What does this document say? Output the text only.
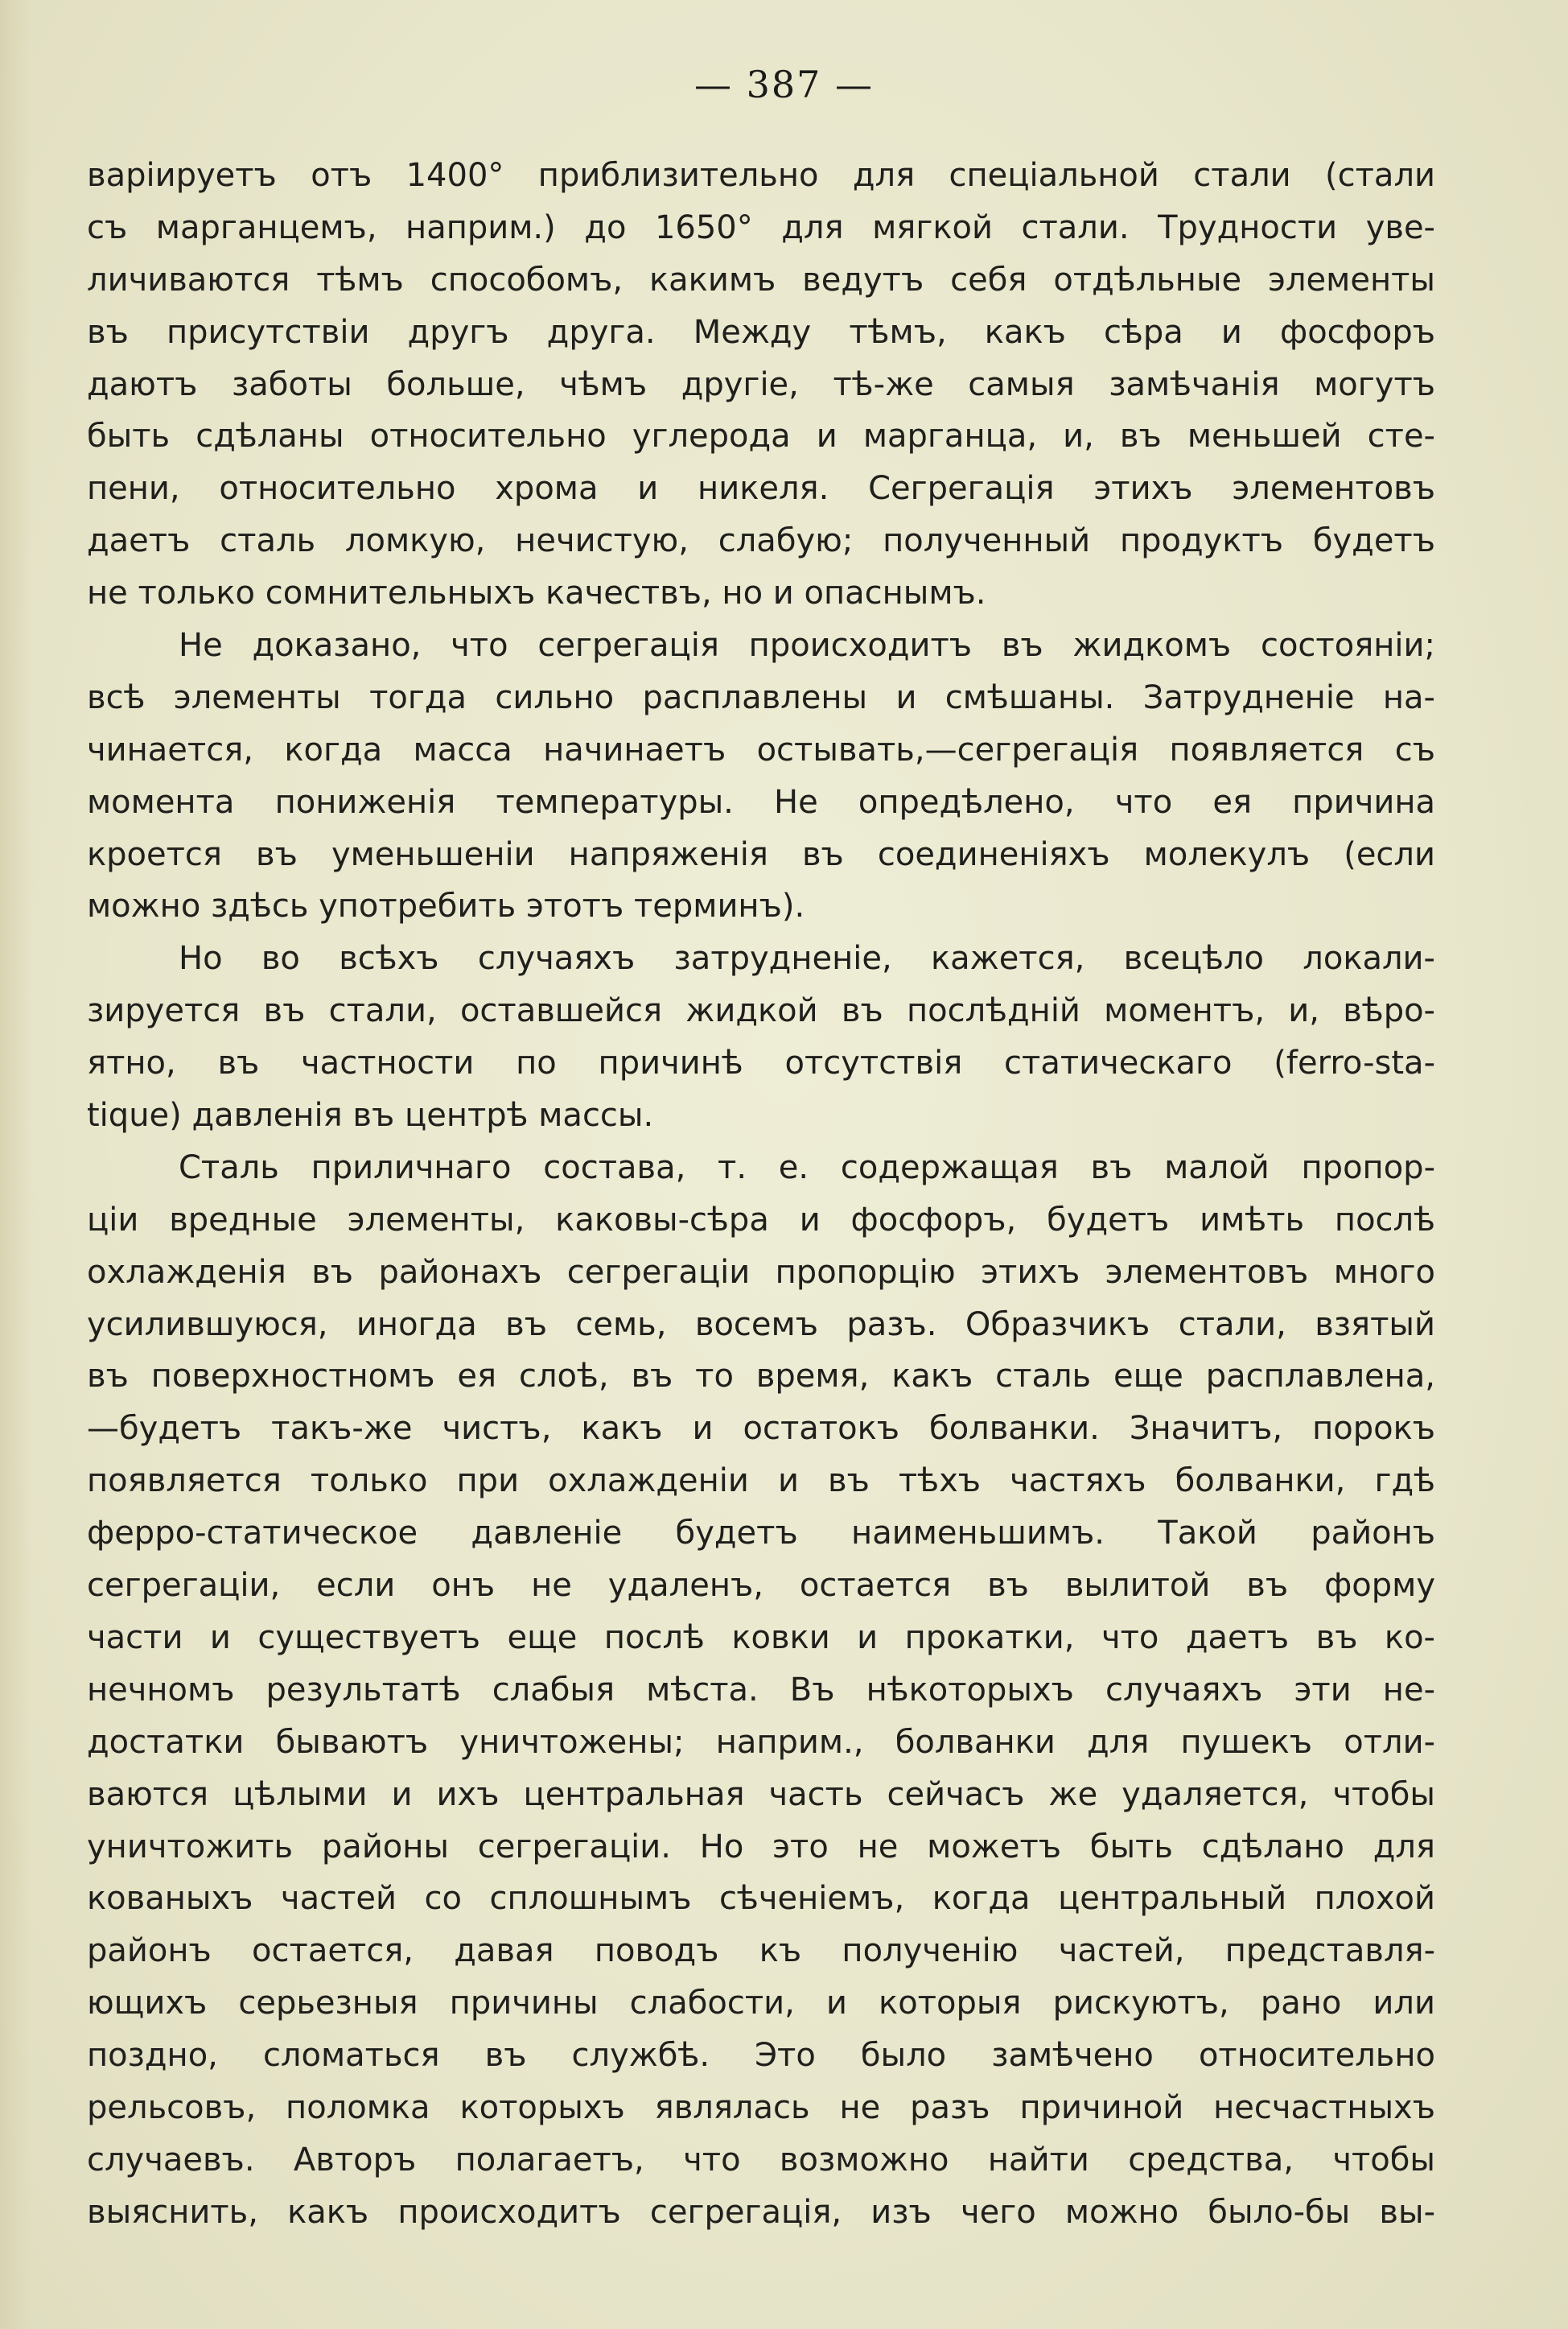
— 387 —
варіируетъ отъ 1400° приблизительно для спеціальной стали (стали
съ марганцемъ, наприм.) до 1650° для мягкой стали. Трудности уве-
личиваются тѣмъ способомъ, какимъ ведутъ себя отдѣльные элементы
въ присутствіи другъ друга. Между тѣмъ, какъ сѣра и фосфоръ
даютъ заботы больше, чѣмъ другіе, тѣ-же самыя замѣчанія могутъ
быть сдѣланы относительно углерода и марганца, и, въ меньшей сте-
пени, относительно хрома и никеля. Сегрегація этихъ элементовъ
даетъ сталь ломкую, нечистую, слабую; полученный продуктъ будетъ
не только сомнительныхъ качествъ, но и опаснымъ.
Не доказано, что сегрегація происходитъ въ жидкомъ состояніи;
всѣ элементы тогда сильно расплавлены и смѣшаны. Затрудненіе на-
чинается, когда масса начинаетъ остывать,—сегрегація появляется съ
момента пониженія температуры. Не опредѣлено, что ея причина
кроется въ уменьшеніи напряженія въ соединеніяхъ молекулъ (если
можно здѣсь употребить этотъ терминъ).
Но во всѣхъ случаяхъ затрудненіе, кажется, всецѣло локали-
зируется въ стали, оставшейся жидкой въ послѣдній моментъ, и, вѣро-
ятно, въ частности по причинѣ отсутствія статическаго (ferro-sta-
tique) давленія въ центрѣ массы.
Сталь приличнаго состава, т. е. содержащая въ малой пропор-
ціи вредные элементы, каковы-сѣра и фосфоръ, будетъ имѣть послѣ
охлажденія въ районахъ сегрегаціи пропорцію этихъ элементовъ много
усилившуюся, иногда въ семь, восемъ разъ. Образчикъ стали, взятый
въ поверхностномъ ея слоѣ, въ то время, какъ сталь еще расплавлена,
—будетъ такъ-же чистъ, какъ и остатокъ болванки. Значитъ, порокъ
появляется только при охлажденіи и въ тѣхъ частяхъ болванки, гдѣ
ферро-статическое давленіе будетъ наименьшимъ. Такой районъ
сегрегаціи, если онъ не удаленъ, остается въ вылитой въ форму
части и существуетъ еще послѣ ковки и прокатки, что даетъ въ ко-
нечномъ результатѣ слабыя мѣста. Въ нѣкоторыхъ случаяхъ эти не-
достатки бываютъ уничтожены; наприм., болванки для пушекъ отли-
ваются цѣлыми и ихъ центральная часть сейчасъ же удаляется, чтобы
уничтожить районы сегрегаціи. Но это не можетъ быть сдѣлано для
кованыхъ частей со сплошнымъ сѣченіемъ, когда центральный плохой
районъ остается, давая поводъ къ полученію частей, представля-
ющихъ серьезныя причины слабости, и которыя рискуютъ, рано или
поздно, сломаться въ службѣ. Это было замѣчено относительно
рельсовъ, поломка которыхъ являлась не разъ причиной несчастныхъ
случаевъ. Авторъ полагаетъ, что возможно найти средства, чтобы
выяснить, какъ происходитъ сегрегація, изъ чего можно было-бы вы-
